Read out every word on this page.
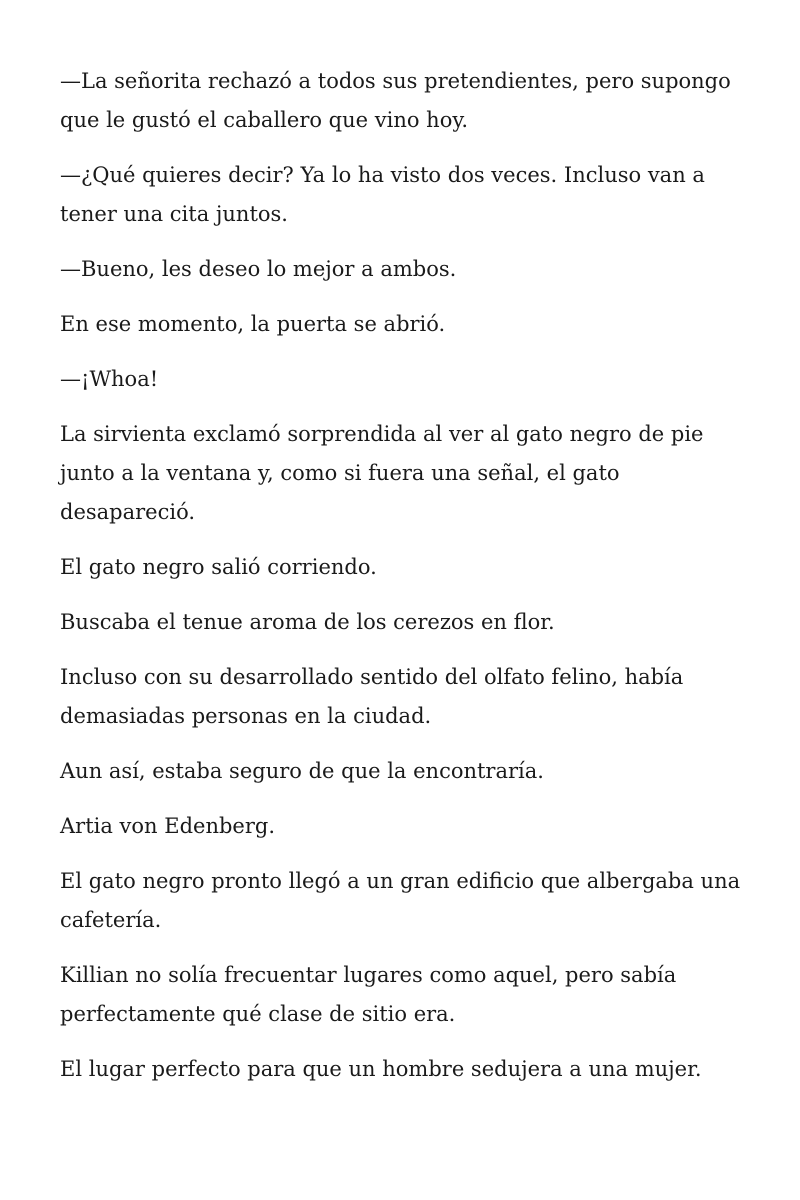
—La señorita rechazó a todos sus pretendientes, pero supongo que le gustó el caballero que vino hoy.

—¿Qué quieres decir? Ya lo ha visto dos veces. Incluso van a tener una cita juntos.

—Bueno, les deseo lo mejor a ambos.

En ese momento, la puerta se abrió.

—¡Whoa!

La sirvienta exclamó sorprendida al ver al gato negro de pie junto a la ventana y, como si fuera una señal, el gato desapareció.

El gato negro salió corriendo.

Buscaba el tenue aroma de los cerezos en flor.

Incluso con su desarrollado sentido del olfato felino, había demasiadas personas en la ciudad.

Aun así, estaba seguro de que la encontraría.

Artia von Edenberg.

El gato negro pronto llegó a un gran edificio que albergaba una cafetería.

Killian no solía frecuentar lugares como aquel, pero sabía perfectamente qué clase de sitio era.

El lugar perfecto para que un hombre sedujera a una mujer.
